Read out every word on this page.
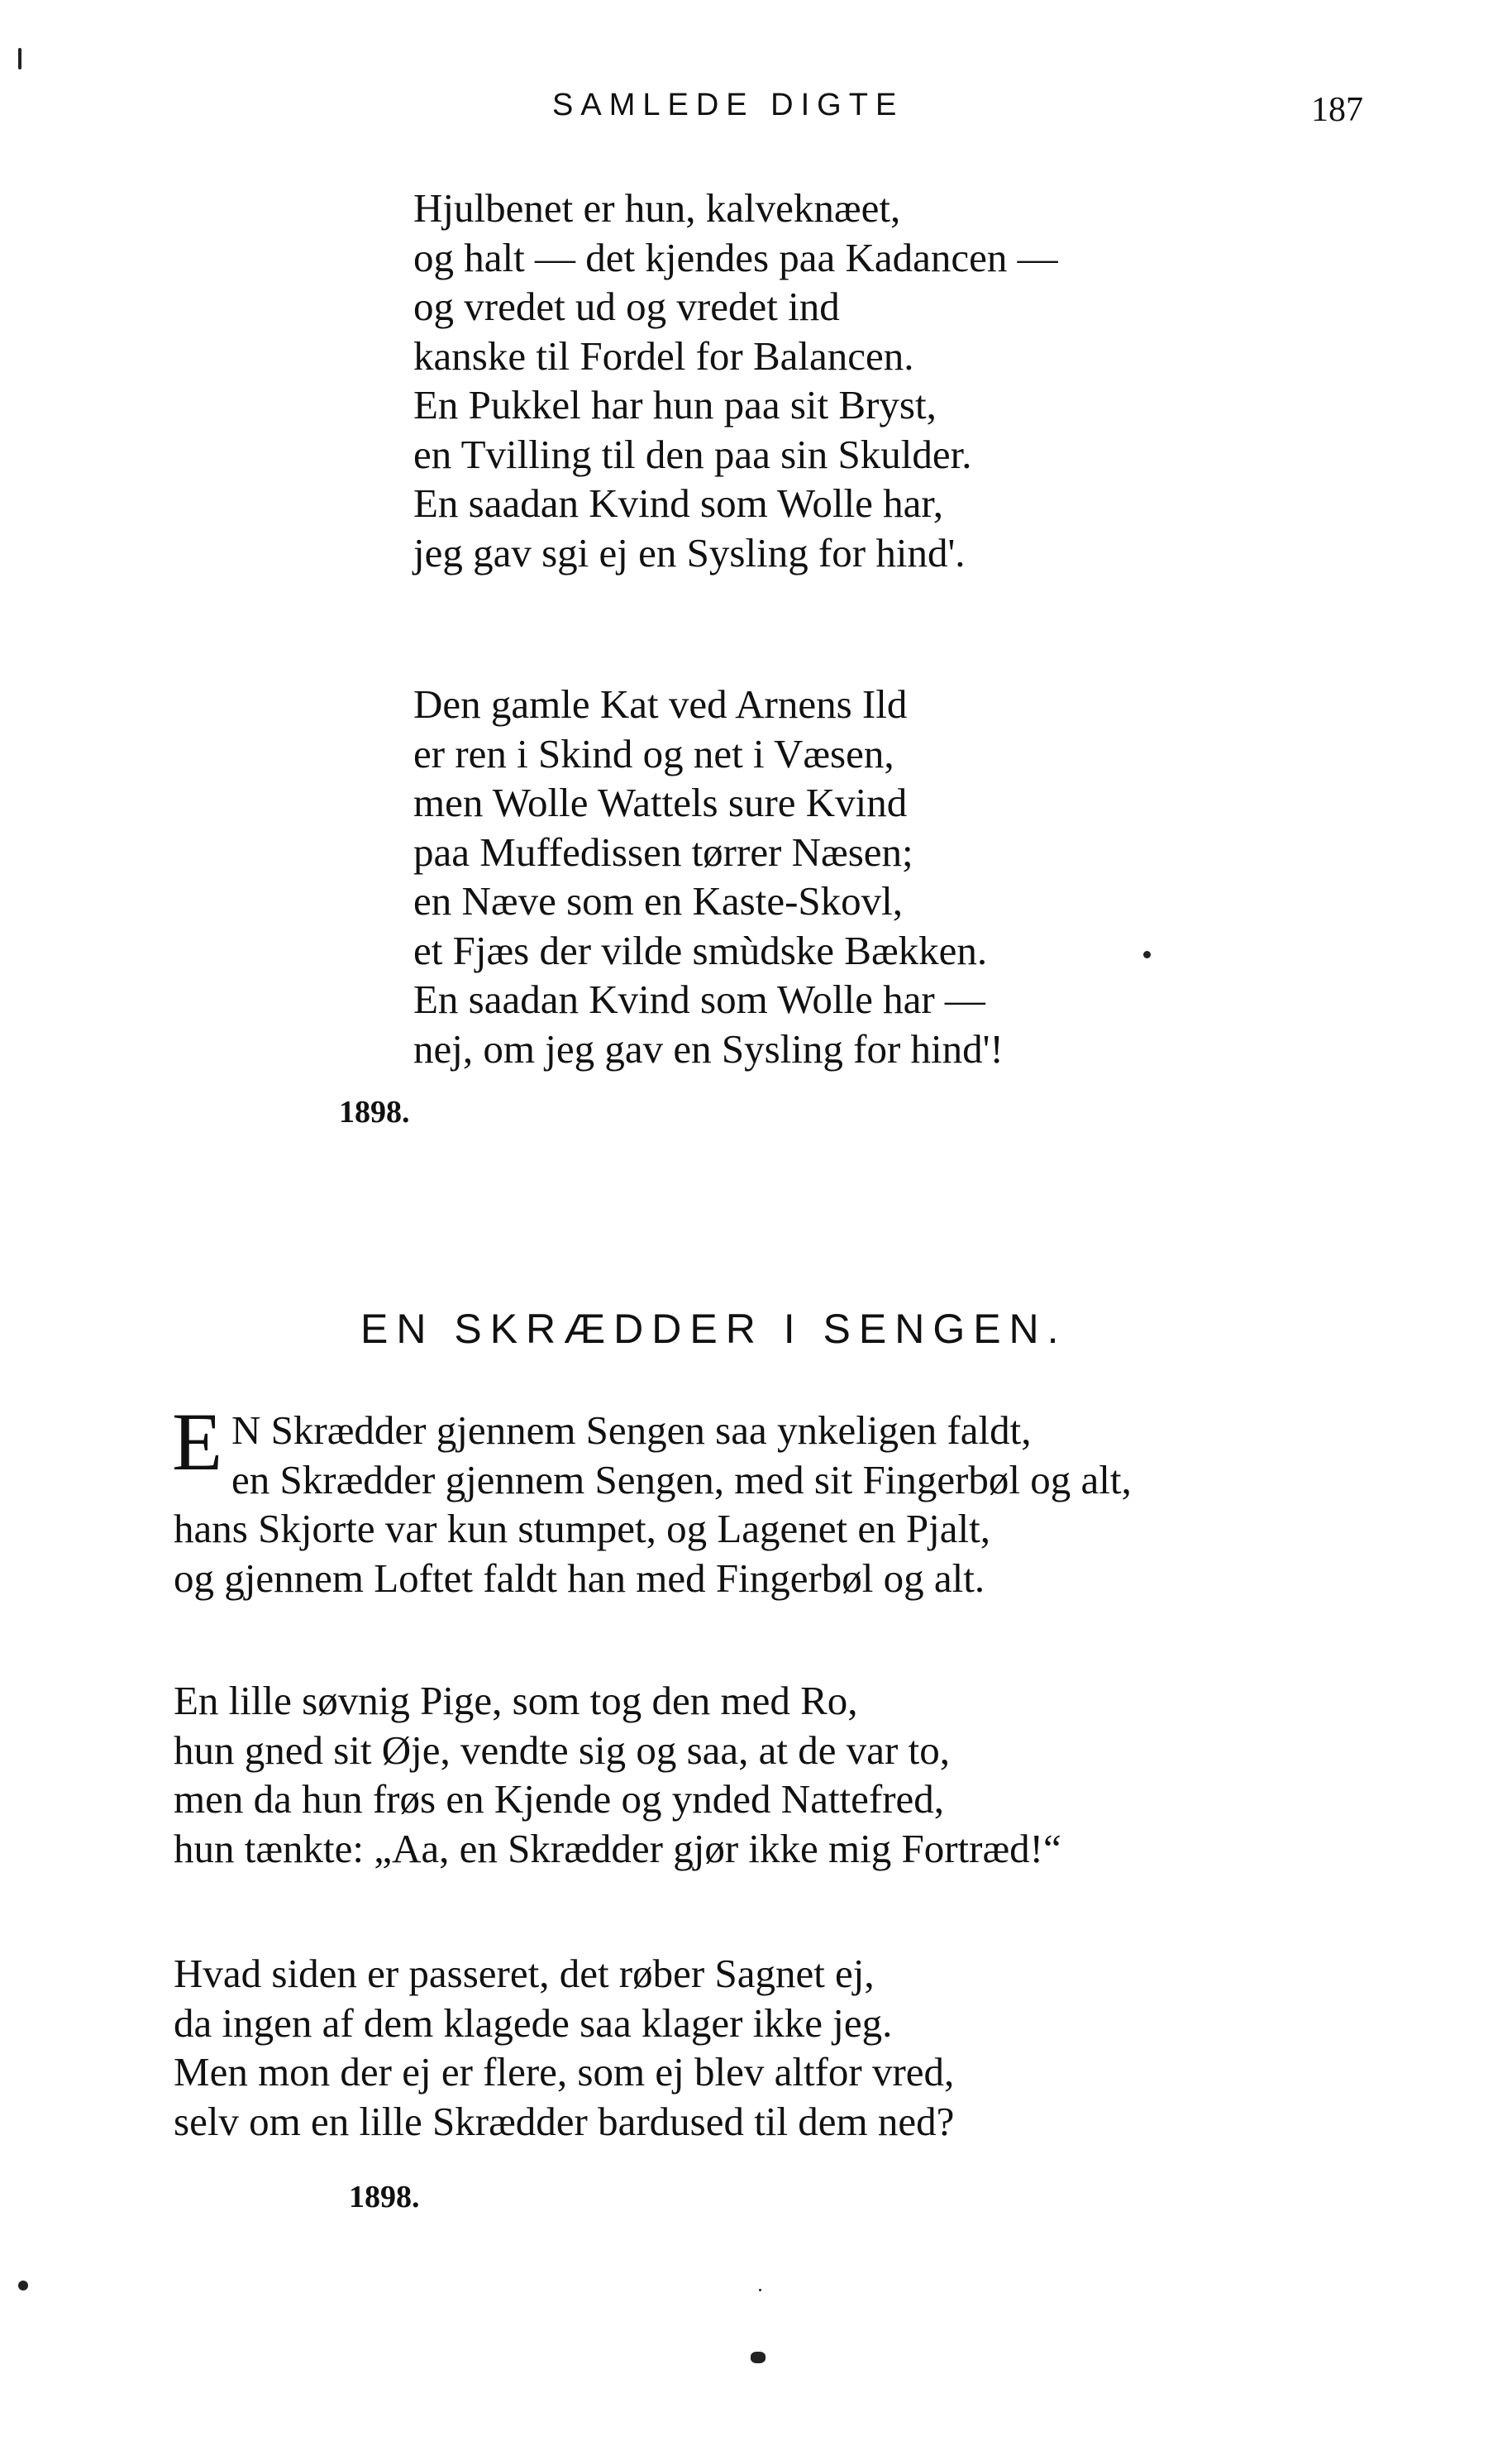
SAMLEDE DIGTE	187
Hjulbenet er hun, kalveknæet,
og halt — det kjendes paa Kadancen —
og vredet ud og vredet ind
kanske til Fordel for Balancen.
En Pukkel har hun paa sit Bryst,
en Tvilling til den paa sin Skulder.
En saadan Kvind som Wolle har,
jeg gav sgi ej en Sysling for hind'.
Den gamle Kat ved Arnens Ild
er ren i Skind og net i Væsen,
men Wolle Wattels sure Kvind
paa Muffedissen tørrer Næsen;
en Næve som en Kaste-Skovl,
et Fjæs der vilde smùdske Bækken.
En saadan Kvind som Wolle har —
nej, om jeg gav en Sysling for hind'!
1898.
EN SKRÆDDER I SENGEN.
E N Skrædder gjennem Sengen saa ynkeligen faldt,
en Skrædder gjennem Sengen, med sit Fingerbøl og alt,
hans Skjorte var kun stumpet, og Lagenet en Pjalt,
og gjennem Loftet faldt han med Fingerbøl og alt.
En lille søvnig Pige, som tog den med Ro,
hun gned sit Øje, vendte sig og saa, at de var to,
men da hun frøs en Kjende og ynded Nattefred,
hun tænkte: „Aa, en Skrædder gjør ikke mig Fortræd!“
Hvad siden er passeret, det røber Sagnet ej,
da ingen af dem klagede saa klager ikke jeg.
Men mon der ej er flere, som ej blev altfor vred,
selv om en lille Skrædder bardused til dem ned?
1898.
